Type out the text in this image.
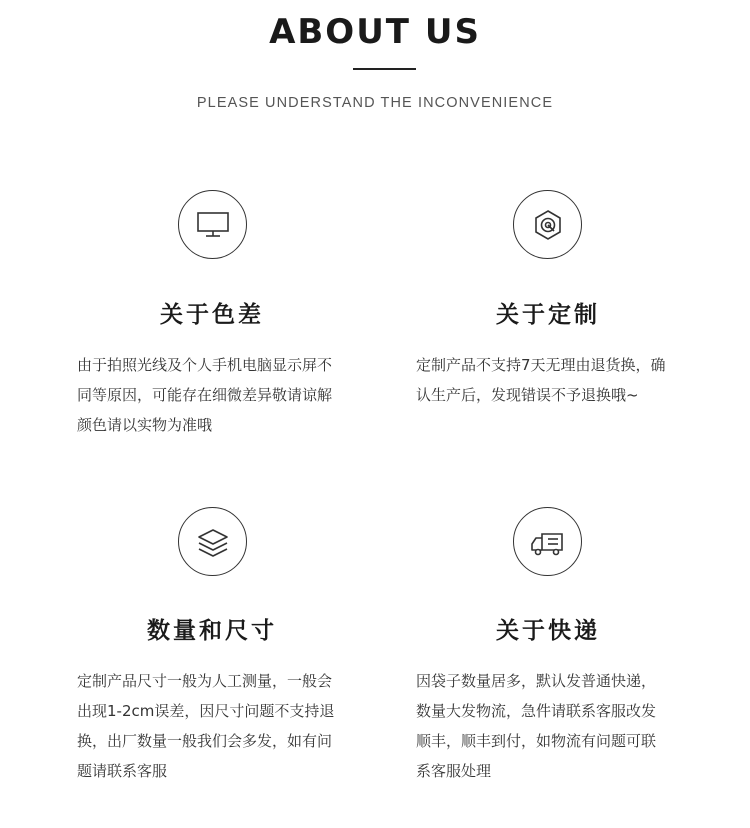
ABOUT US
PLEASE UNDERSTAND THE INCONVENIENCE
关于色差
由于拍照光线及个人手机电脑显示屏不
同等原因，可能存在细微差异敬请谅解
颜色请以实物为准哦
关于定制
定制产品不支持7天无理由退货换，确
认生产后，发现错误不予退换哦~
数量和尺寸
定制产品尺寸一般为人工测量，一般会
出现1-2cm误差，因尺寸问题不支持退
换，出厂数量一般我们会多发，如有问
题请联系客服
关于快递
因袋子数量居多，默认发普通快递，
数量大发物流，急件请联系客服改发
顺丰，顺丰到付，如物流有问题可联
系客服处理
